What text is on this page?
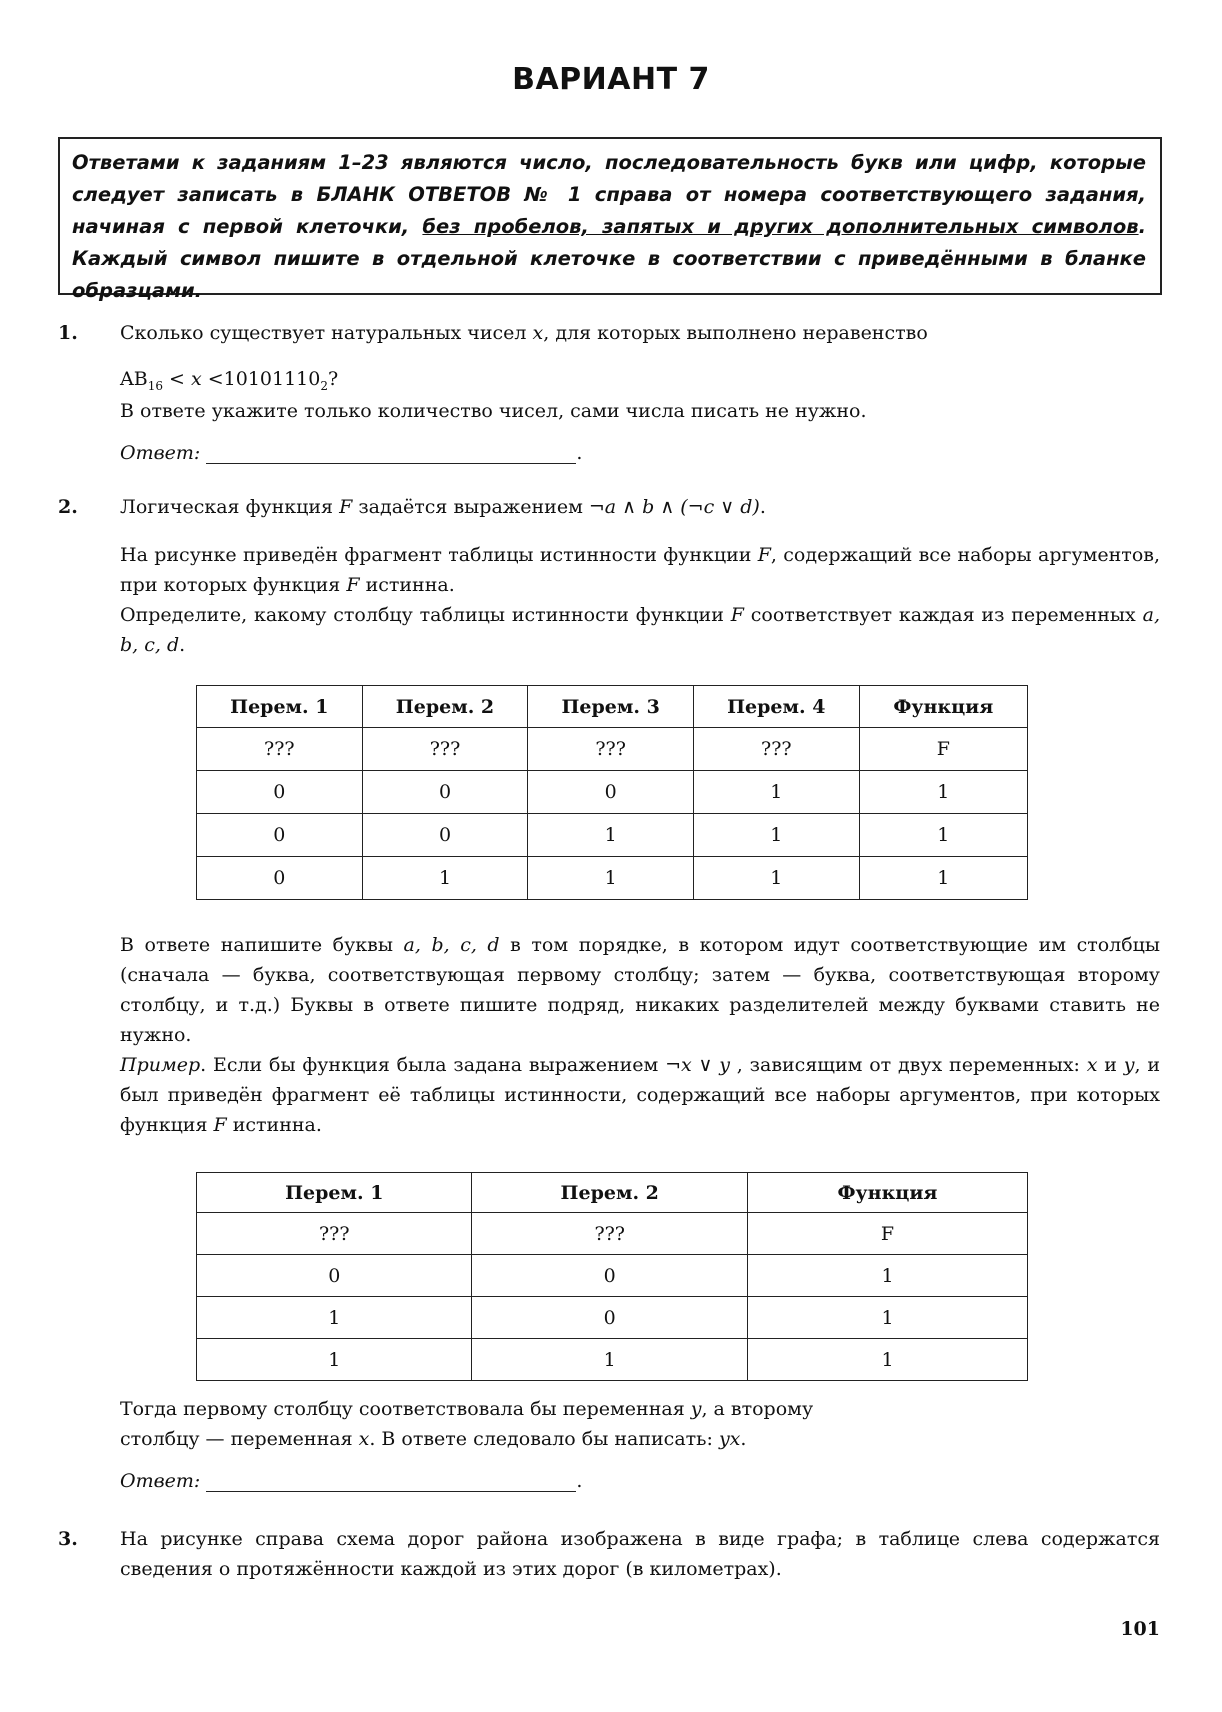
ВАРИАНТ 7
Ответами к заданиям 1–23 являются число, последовательность букв или цифр, которые следует записать в БЛАНК ОТВЕТОВ № 1 справа от номера соответствующего задания, начиная с первой клеточки, без пробелов, запятых и других дополнительных символов. Каждый символ пишите в отдельной клеточке в соответствии с приведёнными в бланке образцами.
1. Сколько существует натуральных чисел x, для которых выполнено неравенство
$AB_{16} < x <10101110_2$?
В ответе укажите только количество чисел, сами числа писать не нужно.
Ответ:	.
2. Логическая функция F задаётся выражением ¬a ∧ b ∧ (¬c ∨ d).
На рисунке приведён фрагмент таблицы истинности функции F, содержащий все наборы аргументов, при которых функция F истинна.
Определите, какому столбцу таблицы истинности функции F соответствует каждая из переменных a, b, c, d.
Перем. 1	Перем. 2	Перем. 3	Перем. 4	Функция
???	???	???	???	F
0	0	0	1	1
0	0	1	1	1
0	1	1	1	1
В ответе напишите буквы a, b, c, d в том порядке, в котором идут соответствующие им столбцы (сначала — буква, соответствующая первому столбцу; затем — буква, соответствующая второму столбцу, и т.д.) Буквы в ответе пишите подряд, никаких разделителей между буквами ставить не нужно.
Пример. Если бы функция была задана выражением ¬x ∨ y , зависящим от двух переменных: x и y, и был приведён фрагмент её таблицы истинности, содержащий все наборы аргументов, при которых функция F истинна.
Перем. 1	Перем. 2	Функция
???	???	F
0	0	1
1	0	1
1	1	1
Тогда первому столбцу соответствовала бы переменная y, а второму
столбцу — переменная x. В ответе следовало бы написать: yx.
Ответ:	.
3. На рисунке справа схема дорог района изображена в виде графа; в таблице слева содержатся сведения о протяжённости каждой из этих дорог (в километрах).
101
